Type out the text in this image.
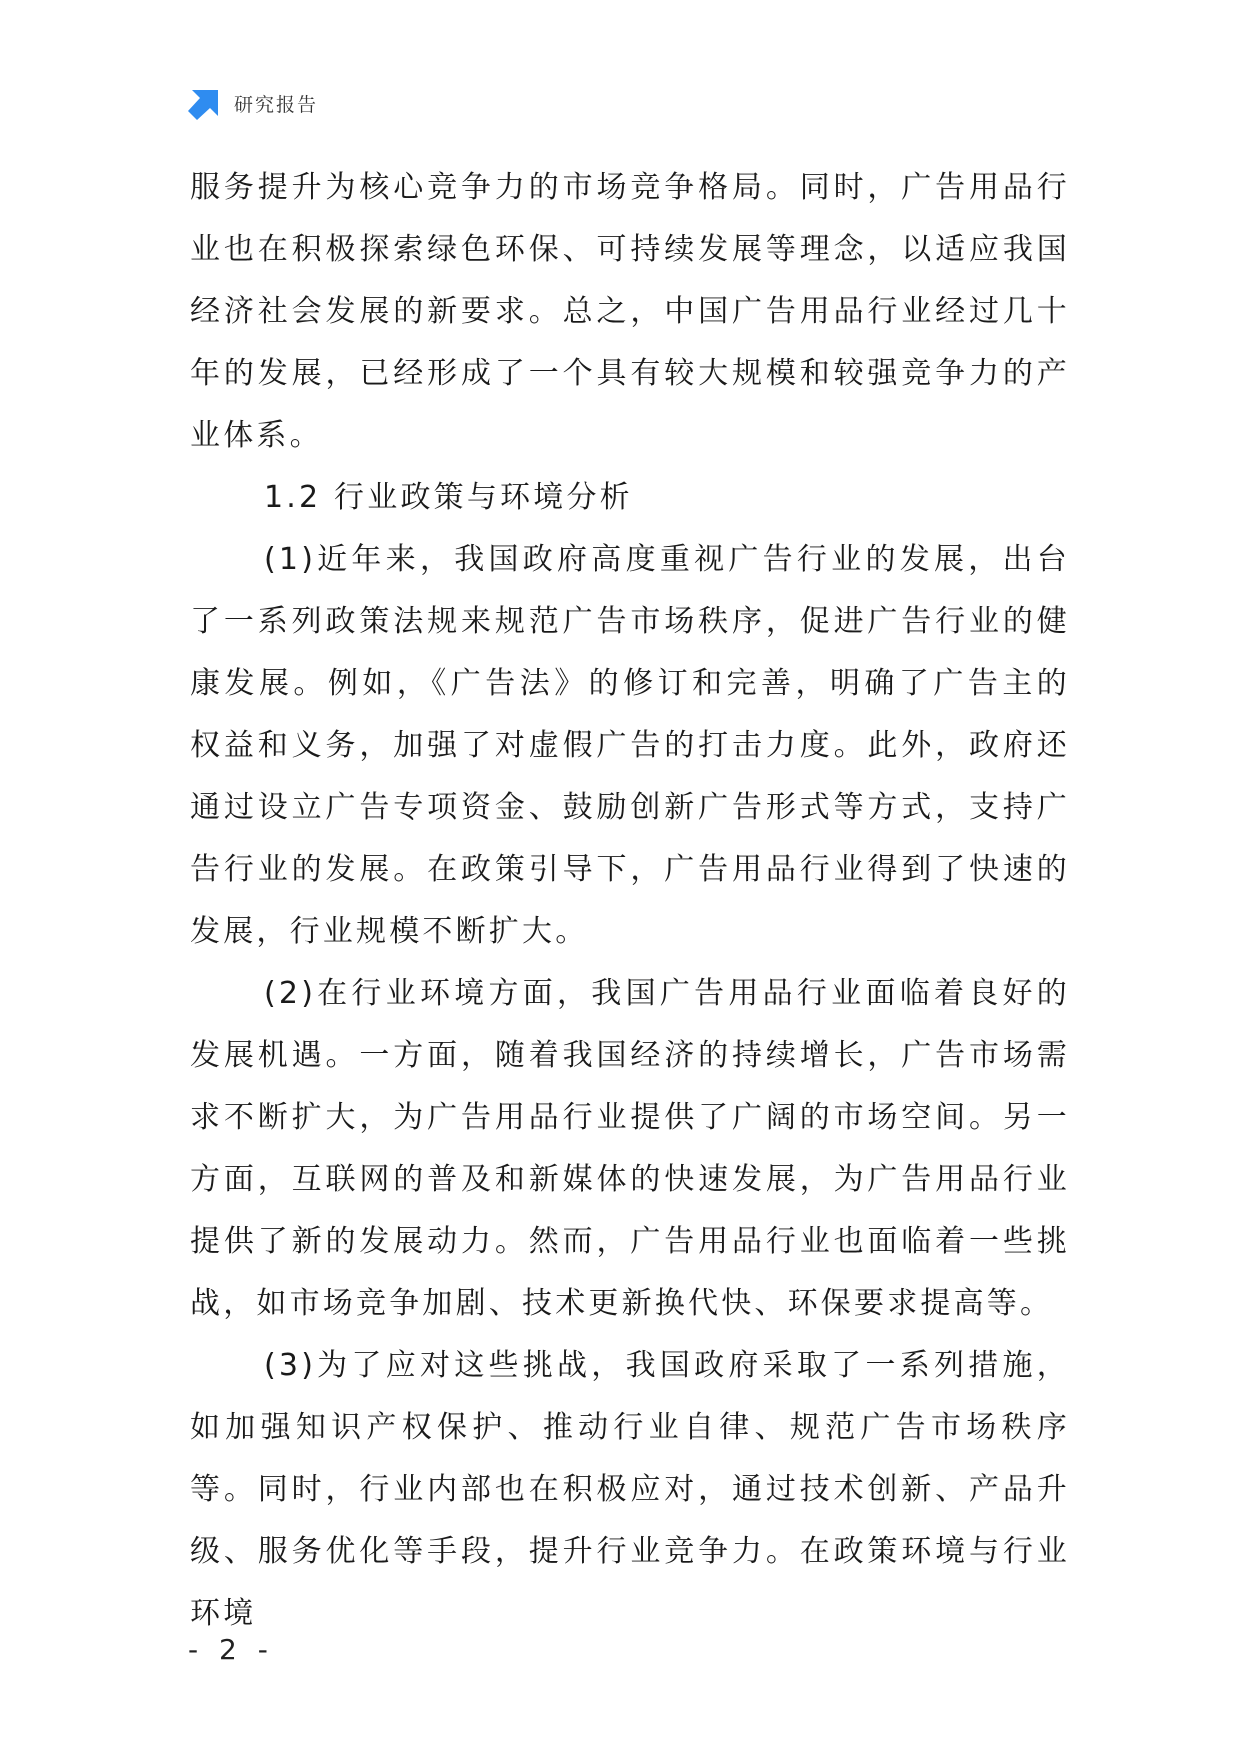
研究报告

服务提升为核心竞争力的市场竞争格局。同时，广告用品行业也在积极探索绿色环保、可持续发展等理念，以适应我国经济社会发展的新要求。总之，中国广告用品行业经过几十年的发展，已经形成了一个具有较大规模和较强竞争力的产业体系。

1.2 行业政策与环境分析

(1)近年来，我国政府高度重视广告行业的发展，出台了一系列政策法规来规范广告市场秩序，促进广告行业的健康发展。例如，《广告法》的修订和完善，明确了广告主的权益和义务，加强了对虚假广告的打击力度。此外，政府还通过设立广告专项资金、鼓励创新广告形式等方式，支持广告行业的发展。在政策引导下，广告用品行业得到了快速的发展，行业规模不断扩大。

(2)在行业环境方面，我国广告用品行业面临着良好的发展机遇。一方面，随着我国经济的持续增长，广告市场需求不断扩大，为广告用品行业提供了广阔的市场空间。另一方面，互联网的普及和新媒体的快速发展，为广告用品行业提供了新的发展动力。然而，广告用品行业也面临着一些挑战，如市场竞争加剧、技术更新换代快、环保要求提高等。

(3)为了应对这些挑战，我国政府采取了一系列措施，如加强知识产权保护、推动行业自律、规范广告市场秩序等。同时，行业内部也在积极应对，通过技术创新、产品升级、服务优化等手段，提升行业竞争力。在政策环境与行业环境

- 2 -
